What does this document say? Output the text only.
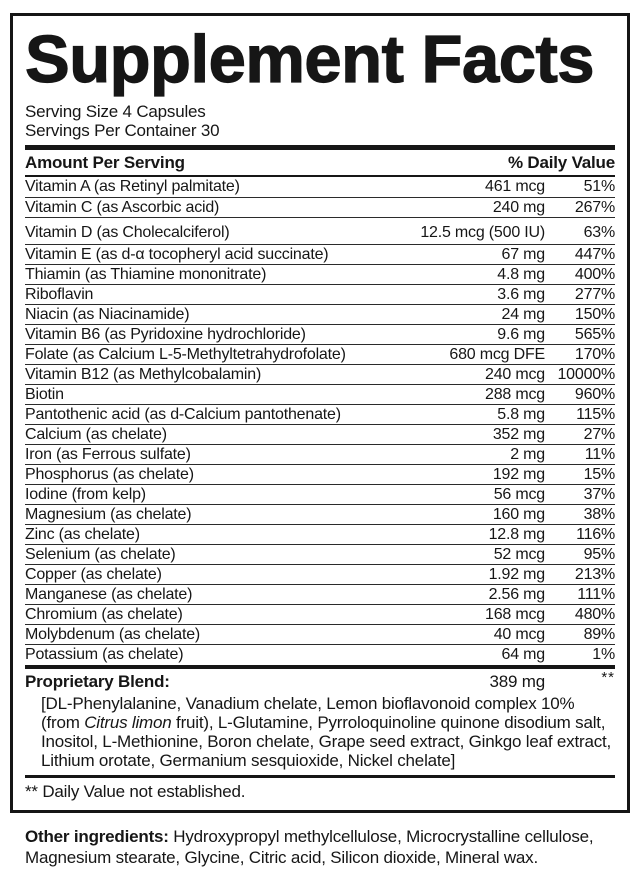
Supplement Facts
Serving Size 4 Capsules
Servings Per Container 30
Amount Per Serving	% Daily Value
Vitamin A (as Retinyl palmitate)	461 mcg	51%
Vitamin C (as Ascorbic acid)	240 mg	267%
Vitamin D (as Cholecalciferol)	12.5 mcg (500 IU)	63%
Vitamin E (as d-α tocopheryl acid succinate)	67 mg	447%
Thiamin (as Thiamine mononitrate)	4.8 mg	400%
Riboflavin	3.6 mg	277%
Niacin (as Niacinamide)	24 mg	150%
Vitamin B6 (as Pyridoxine hydrochloride)	9.6 mg	565%
Folate (as Calcium L-5-Methyltetrahydrofolate)	680 mcg DFE	170%
Vitamin B12 (as Methylcobalamin)	240 mcg 10000%
Biotin	288 mcg	960%
Pantothenic acid (as d-Calcium pantothenate)	5.8 mg	115%
Calcium (as chelate)	352 mg	27%
Iron (as Ferrous sulfate)	2 mg	11%
Phosphorus (as chelate)	192 mg	15%
Iodine (from kelp)	56 mcg	37%
Magnesium (as chelate)	160 mg	38%
Zinc (as chelate)	12.8 mg	116%
Selenium (as chelate)	52 mcg	95%
Copper (as chelate)	1.92 mg	213%
Manganese (as chelate)	2.56 mg	111%
Chromium (as chelate)	168 mcg	480%
Molybdenum (as chelate)	40 mcg	89%
Potassium (as chelate)	64 mg	1%
Proprietary Blend:	389 mg	**
[DL-Phenylalanine, Vanadium chelate, Lemon bioflavonoid complex 10% (from Citrus limon fruit), L-Glutamine, Pyrroloquinoline quinone disodium salt, Inositol, L-Methionine, Boron chelate, Grape seed extract, Ginkgo leaf extract, Lithium orotate, Germanium sesquioxide, Nickel chelate]
** Daily Value not established.

Other ingredients: Hydroxypropyl methylcellulose, Microcrystalline cellulose, Magnesium stearate, Glycine, Citric acid, Silicon dioxide, Mineral wax.
